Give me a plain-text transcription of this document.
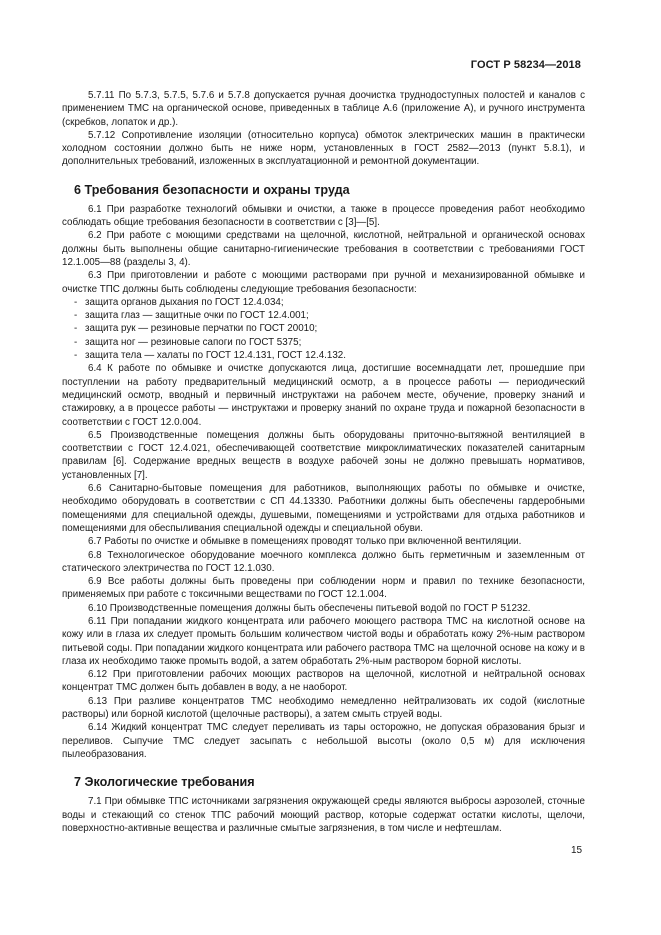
ГОСТ Р 58234—2018

5.7.11 По 5.7.3, 5.7.5, 5.7.6 и 5.7.8 допускается ручная доочистка труднодоступных полостей и каналов с применением ТМС на органической основе, приведенных в таблице А.6 (приложение А), и ручного инструмента (скребков, лопаток и др.).

5.7.12 Сопротивление изоляции (относительно корпуса) обмоток электрических машин в практически холодном состоянии должно быть не ниже норм, установленных в ГОСТ 2582—2013 (пункт 5.8.1), и дополнительных требований, изложенных в эксплуатационной и ремонтной документации.

6 Требования безопасности и охраны труда

6.1 При разработке технологий обмывки и очистки, а также в процессе проведения работ необходимо соблюдать общие требования безопасности в соответствии с [3]—[5].

6.2 При работе с моющими средствами на щелочной, кислотной, нейтральной и органической основах должны быть выполнены общие санитарно-гигиенические требования в соответствии с требованиями ГОСТ 12.1.005—88 (разделы 3, 4).

6.3 При приготовлении и работе с моющими растворами при ручной и механизированной обмывке и очистке ТПС должны быть соблюдены следующие требования безопасности:

- защита органов дыхания по ГОСТ 12.4.034;

- защита глаз — защитные очки по ГОСТ 12.4.001;

- защита рук — резиновые перчатки по ГОСТ 20010;

- защита ног — резиновые сапоги по ГОСТ 5375;

- защита тела — халаты по ГОСТ 12.4.131, ГОСТ 12.4.132.

6.4 К работе по обмывке и очистке допускаются лица, достигшие восемнадцати лет, прошедшие при поступлении на работу предварительный медицинский осмотр, а в процессе работы — периодический медицинский осмотр, вводный и первичный инструктажи на рабочем месте, обучение, проверку знаний и стажировку, а в процессе работы — инструктажи и проверку знаний по охране труда и пожарной безопасности в соответствии с ГОСТ 12.0.004.

6.5 Производственные помещения должны быть оборудованы приточно-вытяжной вентиляцией в соответствии с ГОСТ 12.4.021, обеспечивающей соответствие микроклиматических показателей санитарным правилам [6]. Содержание вредных веществ в воздухе рабочей зоны не должно превышать нормативов, установленных [7].

6.6 Санитарно-бытовые помещения для работников, выполняющих работы по обмывке и очистке, необходимо оборудовать в соответствии с СП 44.13330. Работники должны быть обеспечены гардеробными помещениями для специальной одежды, душевыми, помещениями и устройствами для отдыха работников и помещениями для обеспыливания специальной одежды и специальной обуви.

6.7 Работы по очистке и обмывке в помещениях проводят только при включенной вентиляции.

6.8 Технологическое оборудование моечного комплекса должно быть герметичным и заземленным от статического электричества по ГОСТ 12.1.030.

6.9 Все работы должны быть проведены при соблюдении норм и правил по технике безопасности, применяемых при работе с токсичными веществами по ГОСТ 12.1.004.

6.10 Производственные помещения должны быть обеспечены питьевой водой по ГОСТ Р 51232.

6.11 При попадании жидкого концентрата или рабочего моющего раствора ТМС на кислотной основе на кожу или в глаза их следует промыть большим количеством чистой воды и обработать кожу 2%-ным раствором питьевой соды. При попадании жидкого концентрата или рабочего раствора ТМС на щелочной основе на кожу и в глаза их необходимо также промыть водой, а затем обработать 2%-ным раствором борной кислоты.

6.12 При приготовлении рабочих моющих растворов на щелочной, кислотной и нейтральной основах концентрат ТМС должен быть добавлен в воду, а не наоборот.

6.13 При разливе концентратов ТМС необходимо немедленно нейтрализовать их содой (кислотные растворы) или борной кислотой (щелочные растворы), а затем смыть струей воды.

6.14 Жидкий концентрат ТМС следует переливать из тары осторожно, не допуская образования брызг и переливов. Сыпучие ТМС следует засыпать с небольшой высоты (около 0,5 м) для исключения пылеобразования.

7 Экологические требования

7.1 При обмывке ТПС источниками загрязнения окружающей среды являются выбросы аэрозолей, сточные воды и стекающий со стенок ТПС рабочий моющий раствор, которые содержат остатки кислоты, щелочи, поверхностно-активные вещества и различные смытые загрязнения, в том числе и нефтешлам.

15
